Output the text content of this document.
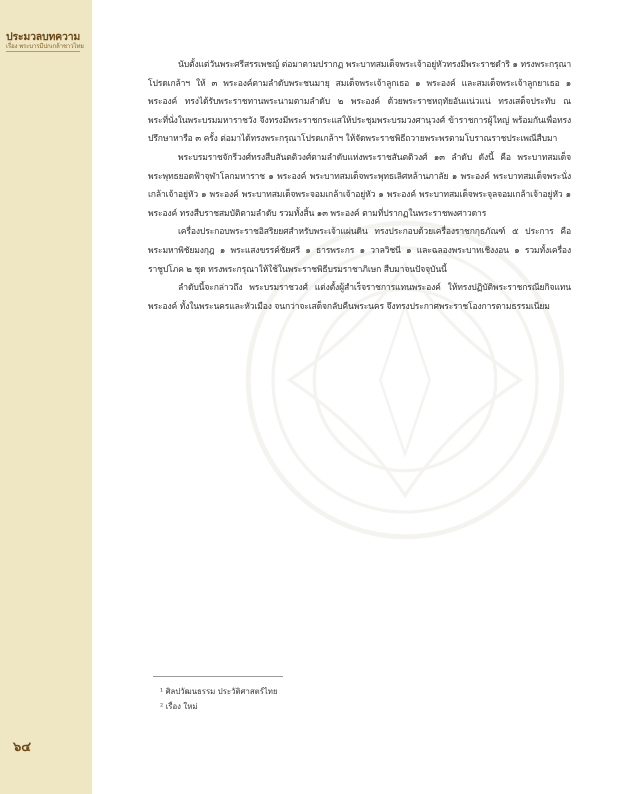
ประมวลบทความ
เรื่อง พระบารมีปกเกล้าชาวไทย

นับตั้งแต่วันพระศรีสรรเพชญ์ ต่อมาตามปรากฏ พระบาทสมเด็จพระเจ้าอยู่หัวทรงมีพระราชดำริ ๑ ทรงพระกรุณาโปรดเกล้าฯ ให้ ๓ พระองค์ตามลำดับพระชนมายุ สมเด็จพระเจ้าลูกเธอ ๑ พระองค์ และสมเด็จพระเจ้าลูกยาเธอ ๑ พระองค์ ทรงได้รับพระราชทานพระนามตามลำดับ ๒ พระองค์ ด้วยพระราชหฤทัยอันแน่วแน่ ทรงเสด็จประทับ ณ พระที่นั่งในพระบรมมหาราชวัง จึงทรงมีพระราชกระแสให้ประชุมพระบรมวงศานุวงศ์ ข้าราชการผู้ใหญ่ พร้อมกันเพื่อทรงปรึกษาหารือ ๓ ครั้ง ต่อมาได้ทรงพระกรุณาโปรดเกล้าฯ ให้จัดพระราชพิธีถวายพระพรตามโบราณราชประเพณีสืบมา

พระบรมราชจักรีวงศ์ทรงสืบสันตติวงศ์ตามลำดับแห่งพระราชสันตติวงศ์ ๑๓ ลำดับ ดังนี้ คือ พระบาทสมเด็จพระพุทธยอดฟ้าจุฬาโลกมหาราช ๑ พระองค์ พระบาทสมเด็จพระพุทธเลิศหล้านภาลัย ๑ พระองค์ พระบาทสมเด็จพระนั่งเกล้าเจ้าอยู่หัว ๑ พระองค์ พระบาทสมเด็จพระจอมเกล้าเจ้าอยู่หัว ๑ พระองค์ พระบาทสมเด็จพระจุลจอมเกล้าเจ้าอยู่หัว ๑ พระองค์ ทรงสืบราชสมบัติตามลำดับ รวมทั้งสิ้น ๑๓ พระองค์ ตามที่ปรากฏในพระราชพงศาวดาร

เครื่องประกอบพระราชอิสริยยศสำหรับพระเจ้าแผ่นดิน ทรงประกอบด้วยเครื่องราชกกุธภัณฑ์ ๕ ประการ คือ พระมหาพิชัยมงกุฎ ๑ พระแสงขรรค์ชัยศรี ๑ ธารพระกร ๑ วาลวิชนี ๑ และฉลองพระบาทเชิงงอน ๑ รวมทั้งเครื่องราชูปโภค ๒ ชุด ทรงพระกรุณาให้ใช้ในพระราชพิธีบรมราชาภิเษก สืบมาจนปัจจุบันนี้

ลำดับนี้จะกล่าวถึง พระบรมราชวงศ์ แต่งตั้งผู้สำเร็จราชการแทนพระองค์ ให้ทรงปฏิบัติพระราชกรณียกิจแทนพระองค์ ทั้งในพระนครและหัวเมือง จนกว่าจะเสด็จกลับคืนพระนคร จึงทรงประกาศพระราชโองการตามธรรมเนียม

¹ ศิลปวัฒนธรรม ประวัติศาสตร์ไทย
² เรื่อง ใหม่
๖๔
